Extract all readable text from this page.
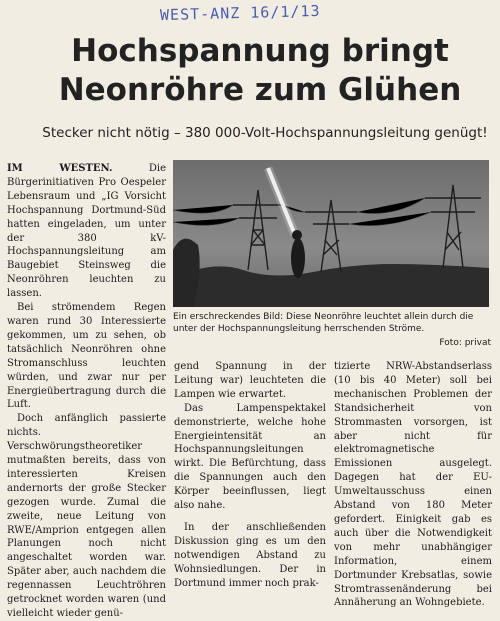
WEST-ANZ 16/1/13
Hochspannung bringt
Neonröhre zum Glühen

Stecker nicht nötig – 380 000-Volt-Hochspannungsleitung genügt!

IM WESTEN.	Die Bürgerinitiativen Pro Oespeler Lebensraum und „IG Vorsicht Hochspannung Dortmund-Süd hatten eingeladen, um unter der 380 kV-Hochspannungsleitung am Baugebiet Steinsweg die Neonröhren leuchten zu lassen.

Bei strömendem Regen waren rund 30 Interessierte gekommen, um zu sehen, ob tatsächlich Neonröhren ohne Stromanschluss leuchten würden, und zwar nur per Energieübertragung durch die Luft.

Doch anfänglich passierte nichts. Verschwörungstheoretiker mutmaßten bereits, dass von interessierten Kreisen andernorts der große Stecker gezogen wurde. Zumal die zweite, neue Leitung von RWE/Amprion entgegen allen Planungen noch nicht angeschaltet worden war. Später aber, auch nachdem die regennassen Leuchtröhren getrocknet worden waren (und vielleicht wieder genü-

Ein erschreckendes Bild: Diese Neonröhre leuchtet allein durch die unter der Hochspannungsleitung herrschenden Ströme.

Foto: privat

gend Spannung in der Leitung war) leuchteten die Lampen wie erwartet.

Das Lampenspektakel demonstrierte, welche hohe Energieintensität an Hochspannungsleitungen wirkt. Die Befürchtung, dass die Spannungen auch den Körper beeinflussen, liegt also nahe.

In der anschließenden Diskussion ging es um den notwendigen Abstand zu Wohnsiedlungen. Der in Dortmund immer noch prak-

tizierte NRW-Abstandserlass (10 bis 40 Meter) soll bei mechanischen Problemen der Standsicherheit von Strommasten vorsorgen, ist aber nicht für elektromagnetische Emissionen ausgelegt. Dagegen hat der EU-Umweltausschuss einen Abstand von 180 Meter gefordert. Einigkeit gab es auch über die Notwendigkeit von mehr unabhängiger Information, einem Dortmunder Krebsatlas, sowie Stromtrassenänderung bei Annäherung an Wohngebiete.
